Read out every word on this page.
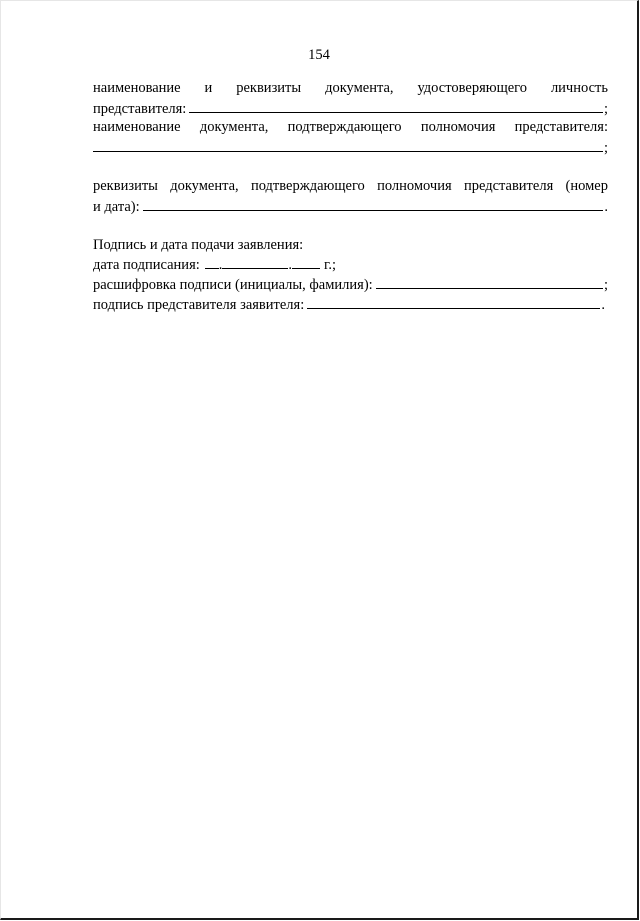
154
наименование и реквизиты документа, удостоверяющего личность
представителя:	;
наименование документа, подтверждающего полномочия представителя:
;
реквизиты документа, подтверждающего полномочия представителя (номер
и дата):	.
Подпись и дата подачи заявления:
дата подписания: .	. г.;
расшифровка подписи (инициалы, фамилия):	;
подпись представителя заявителя:	.
